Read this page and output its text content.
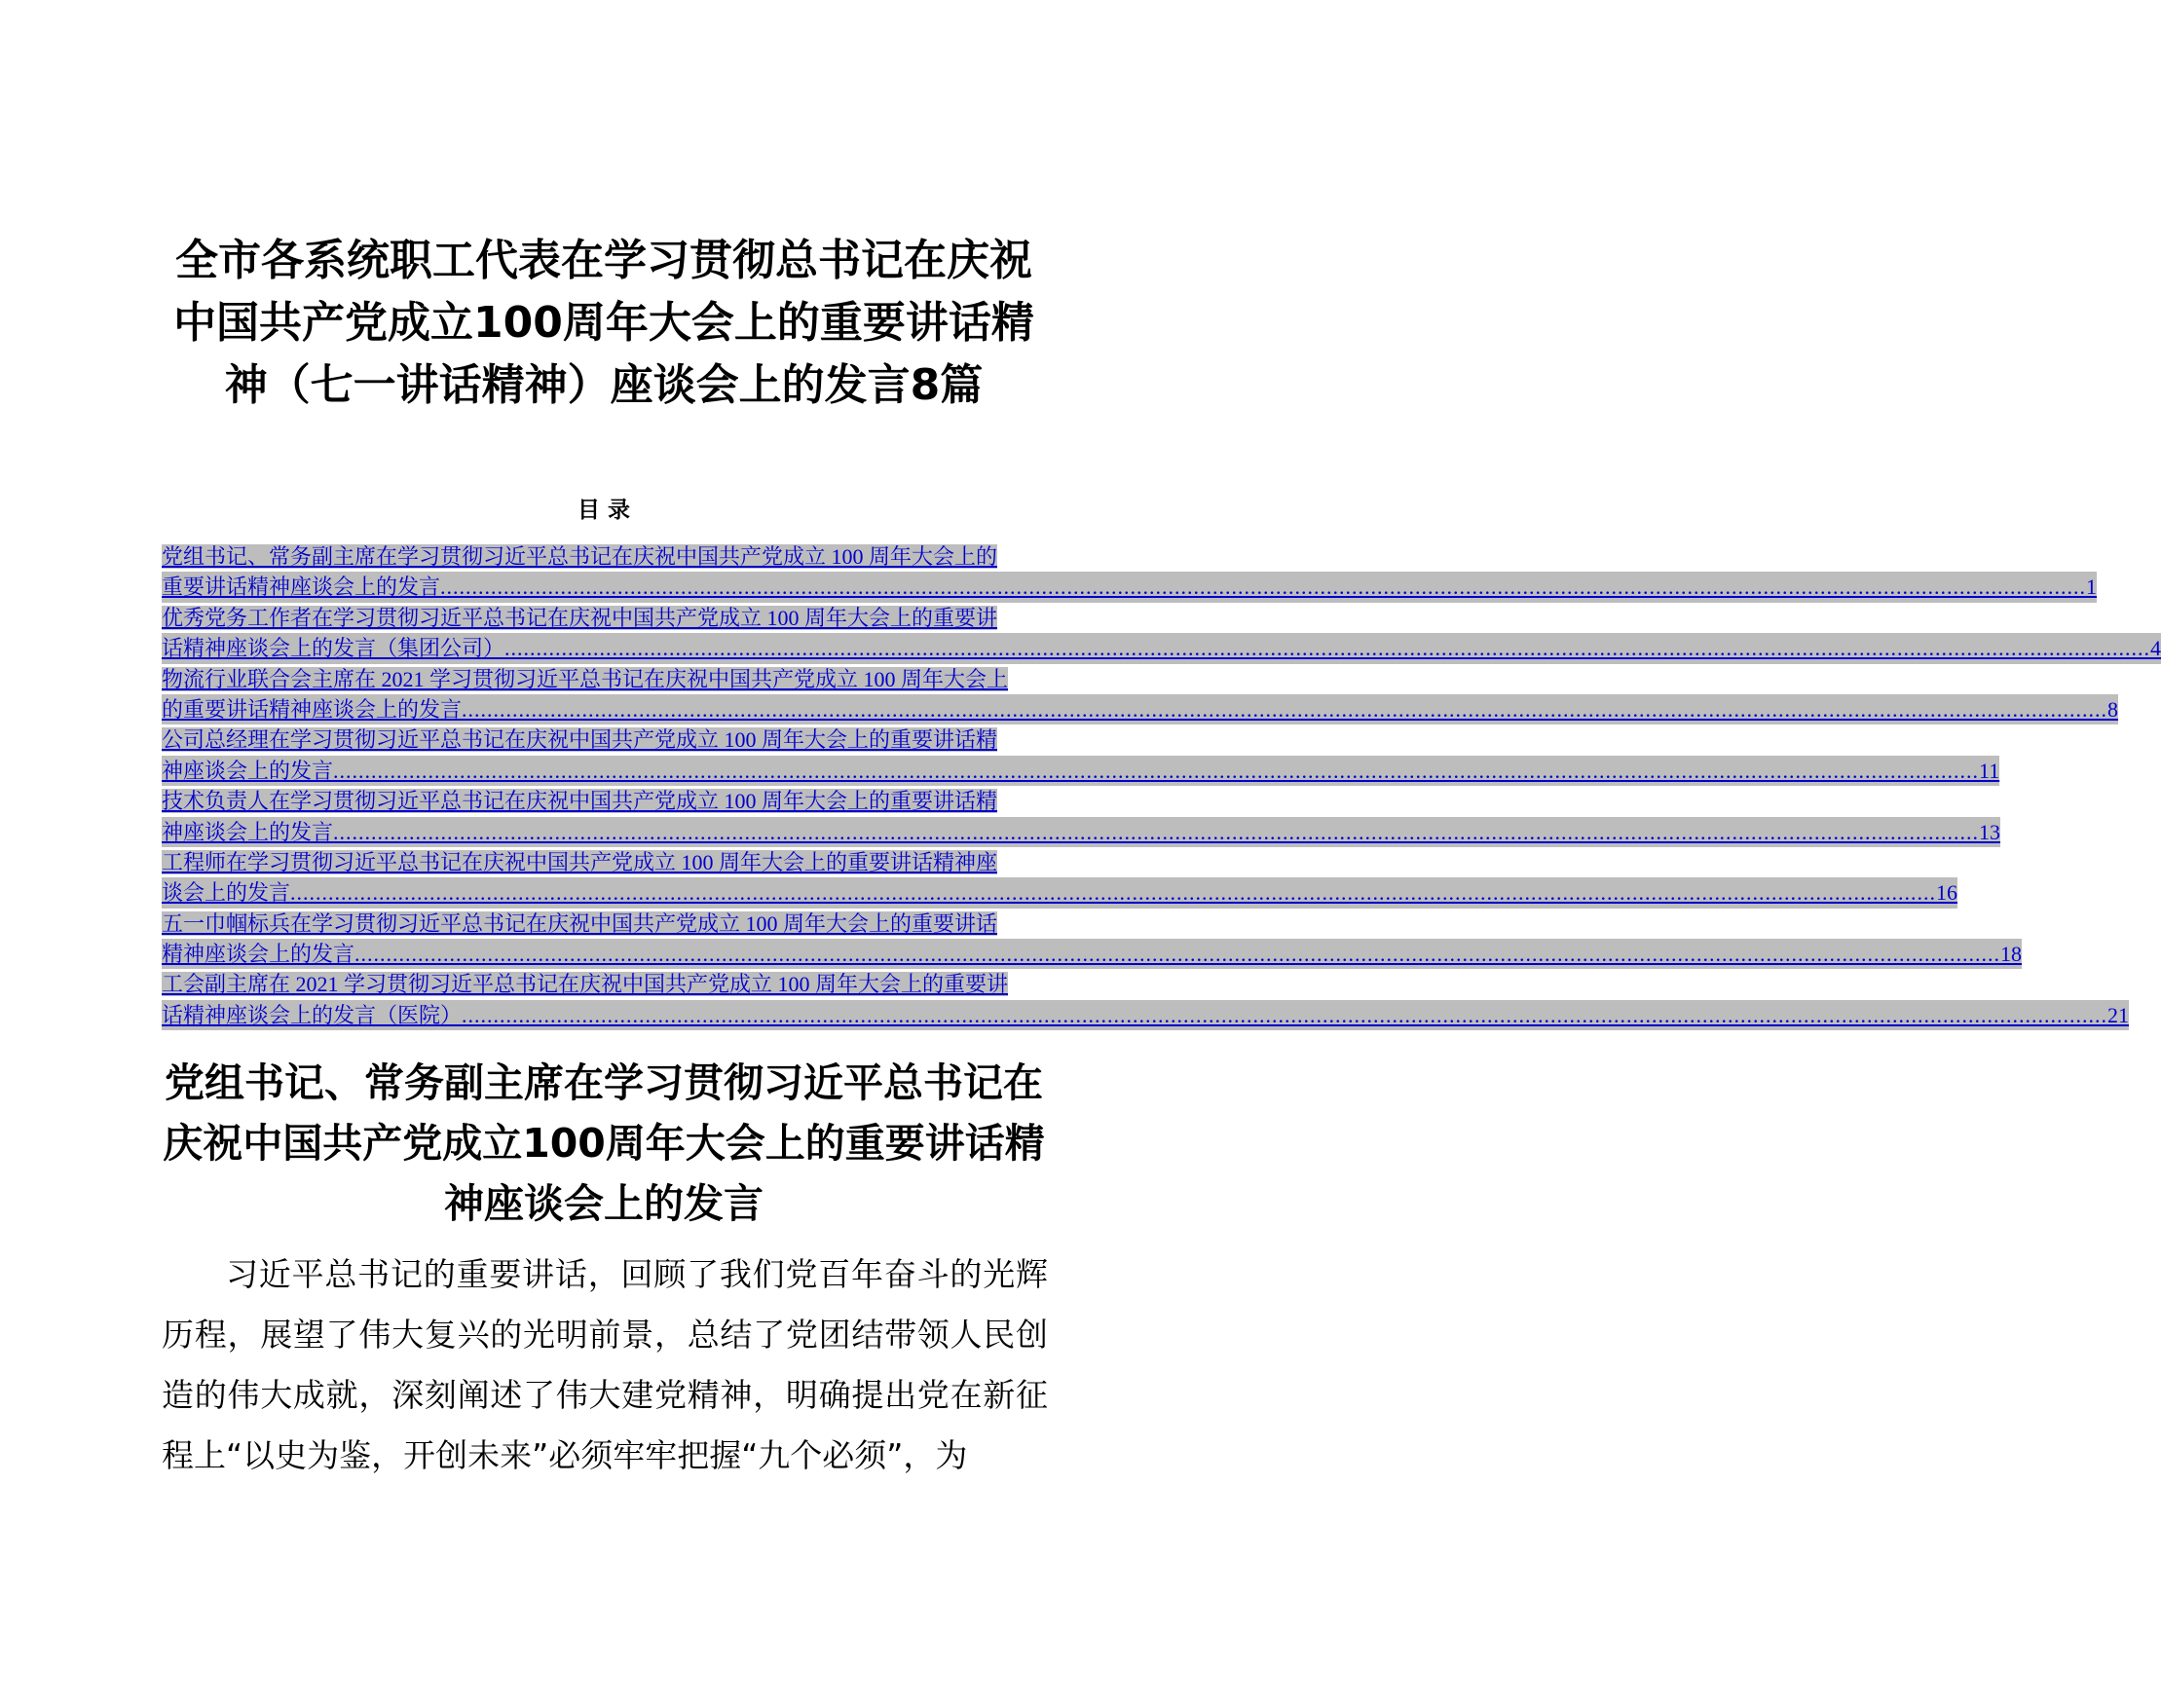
全市各系统职工代表在学习贯彻总书记在庆祝中国共产党成立100周年大会上的重要讲话精神（七一讲话精神）座谈会上的发言8篇
目 录
党组书记、常务副主席在学习贯彻习近平总书记在庆祝中国共产党成立 100 周年大会上的
重要讲话精神座谈会上的发言 .................................................................................................................................................................................................................................................................... 1
优秀党务工作者在学习贯彻习近平总书记在庆祝中国共产党成立 100 周年大会上的重要讲
话精神座谈会上的发言（集团公司） .................................................................................................................................................................................................................................................................... 4
物流行业联合会主席在 2021 学习贯彻习近平总书记在庆祝中国共产党成立 100 周年大会上
的重要讲话精神座谈会上的发言 .................................................................................................................................................................................................................................................................... 8
公司总经理在学习贯彻习近平总书记在庆祝中国共产党成立 100 周年大会上的重要讲话精
神座谈会上的发言 .................................................................................................................................................................................................................................................................... 11
技术负责人在学习贯彻习近平总书记在庆祝中国共产党成立 100 周年大会上的重要讲话精
神座谈会上的发言 .................................................................................................................................................................................................................................................................... 13
工程师在学习贯彻习近平总书记在庆祝中国共产党成立 100 周年大会上的重要讲话精神座
谈会上的发言 .................................................................................................................................................................................................................................................................... 16
五一巾帼标兵在学习贯彻习近平总书记在庆祝中国共产党成立 100 周年大会上的重要讲话
精神座谈会上的发言 .................................................................................................................................................................................................................................................................... 18
工会副主席在 2021 学习贯彻习近平总书记在庆祝中国共产党成立 100 周年大会上的重要讲
话精神座谈会上的发言（医院） .................................................................................................................................................................................................................................................................... 21
党组书记、常务副主席在学习贯彻习近平总书记在庆祝中国共产党成立100周年大会上的重要讲话精神座谈会上的发言

习近平总书记的重要讲话，回顾了我们党百年奋斗的光辉历程，展望了伟大复兴的光明前景，总结了党团结带领人民创造的伟大成就，深刻阐述了伟大建党精神，明确提出党在新征程上“以史为鉴，开创未来”必须牢牢把握“九个必须”，为
